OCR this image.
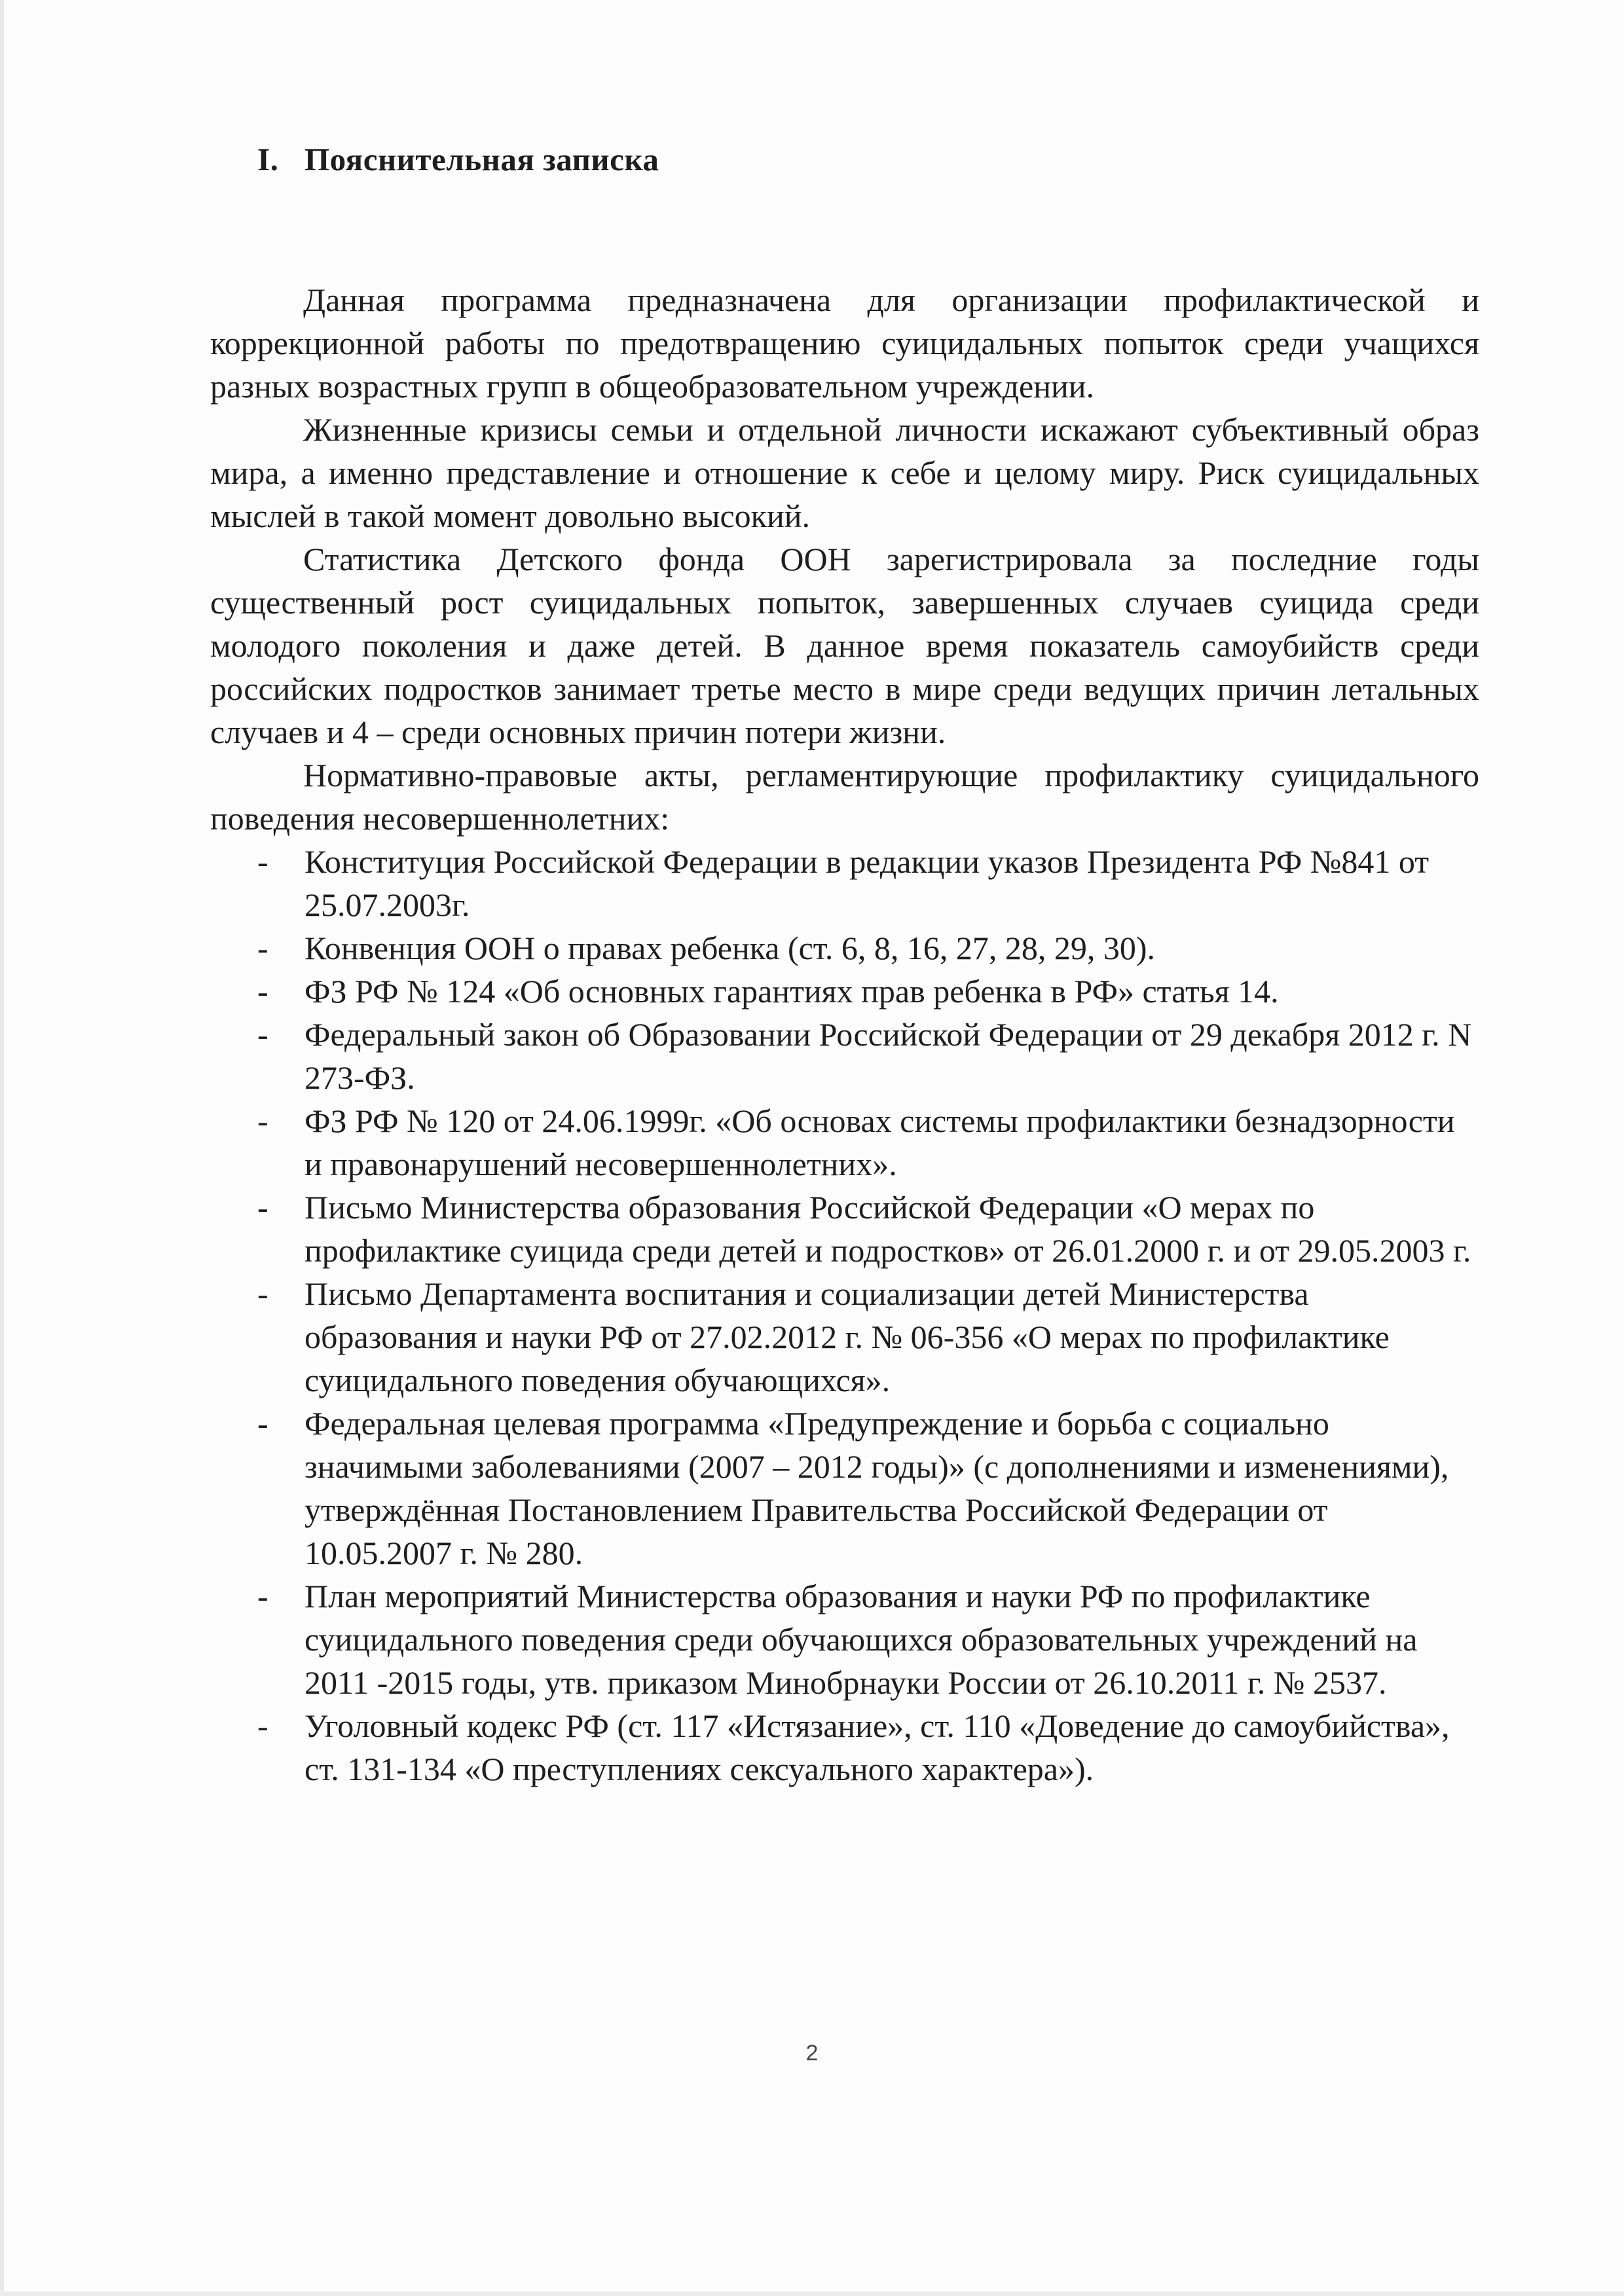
I. Пояснительная записка

Данная программа предназначена для организации профилактической и коррекционной работы по предотвращению суицидальных попыток среди учащихся разных возрастных групп в общеобразовательном учреждении.

Жизненные кризисы семьи и отдельной личности искажают субъективный образ мира, а именно представление и отношение к себе и целому миру. Риск суицидальных мыслей в такой момент довольно высокий.

Статистика Детского фонда ООН зарегистрировала за последние годы существенный рост суицидальных попыток, завершенных случаев суицида среди молодого поколения и даже детей. В данное время показатель самоубийств среди российских подростков занимает третье место в мире среди ведущих причин летальных случаев и 4 – среди основных причин потери жизни.

Нормативно-правовые акты, регламентирующие профилактику суицидального поведения несовершеннолетних:

- Конституция Российской Федерации в редакции указов Президента РФ №841 от 25.07.2003г.
- Конвенция ООН о правах ребенка (ст. 6, 8, 16, 27, 28, 29, 30).
- ФЗ РФ № 124 «Об основных гарантиях прав ребенка в РФ» статья 14.
- Федеральный закон об Образовании Российской Федерации от 29 декабря 2012 г. N 273-ФЗ.
- ФЗ РФ № 120 от 24.06.1999г. «Об основах системы профилактики безнадзорности и правонарушений несовершеннолетних».
- Письмо Министерства образования Российской Федерации «О мерах по профилактике суицида среди детей и подростков» от 26.01.2000 г. и от 29.05.2003 г.
- Письмо Департамента воспитания и социализации детей Министерства образования и науки РФ от 27.02.2012 г. № 06-356 «О мерах по профилактике суицидального поведения обучающихся».
- Федеральная целевая программа «Предупреждение и борьба с социально значимыми заболеваниями (2007 – 2012 годы)» (с дополнениями и изменениями), утверждённая Постановлением Правительства Российской Федерации от 10.05.2007 г. № 280.
- План мероприятий Министерства образования и науки РФ по профилактике суицидального поведения среди обучающихся образовательных учреждений на 2011 -2015 годы, утв. приказом Минобрнауки России от 26.10.2011 г. № 2537.
- Уголовный кодекс РФ (ст. 117 «Истязание», ст. 110 «Доведение до самоубийства», ст. 131-134 «О преступлениях сексуального характера»).
2
